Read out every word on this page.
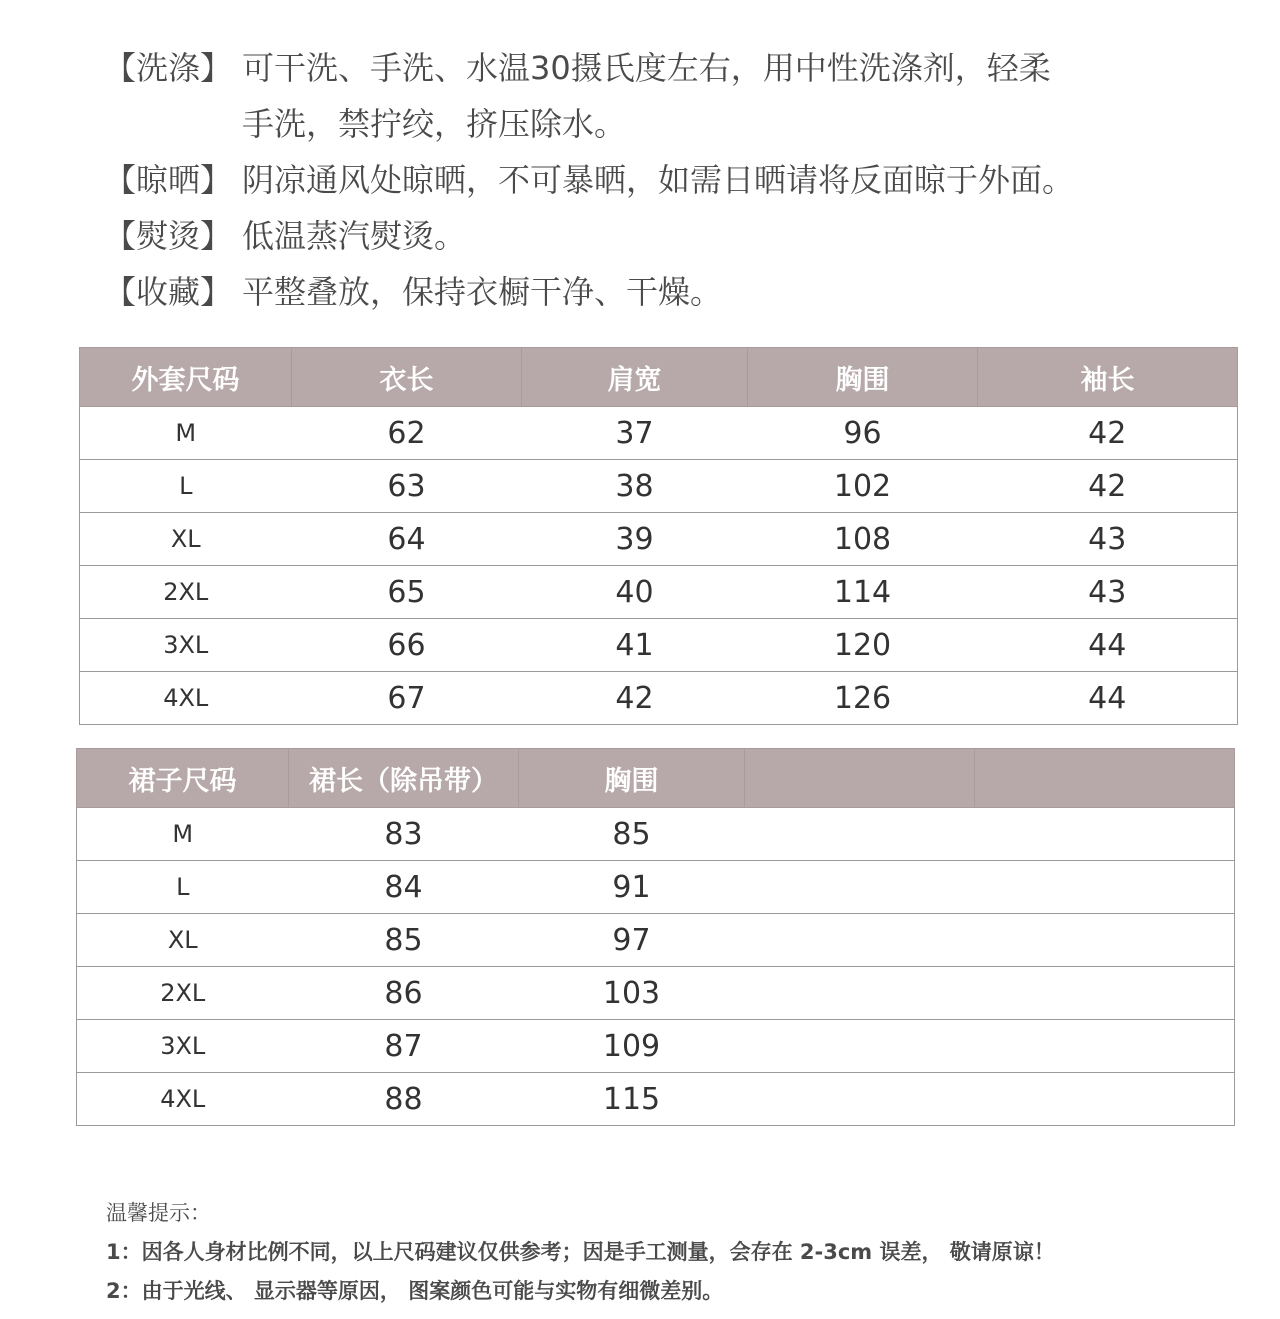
【洗涤】 可干洗、手洗、水温30摄氏度左右，用中性洗涤剂，轻柔
手洗，禁拧绞，挤压除水。
【晾晒】 阴凉通风处晾晒，不可暴晒，如需日晒请将反面晾于外面。
【熨烫】 低温蒸汽熨烫。
【收藏】 平整叠放，保持衣橱干净、干燥。
外套尺码	衣长	肩宽	胸围	袖长
M	62	37	96	42
L	63	38	102	42
XL	64	39	108	43
2XL	65	40	114	43
3XL	66	41	120	44
4XL	67	42	126	44
裙子尺码	裙长（除吊带）	胸围		
M	83	85		
L	84	91		
XL	85	97		
2XL	86	103		
3XL	87	109		
4XL	88	115		
温馨提示：
1：因各人身材比例不同，以上尺码建议仅供参考；因是手工测量，会存在 2-3cm 误差， 敬请原谅！
2：由于光线、 显示器等原因， 图案颜色可能与实物有细微差别。
